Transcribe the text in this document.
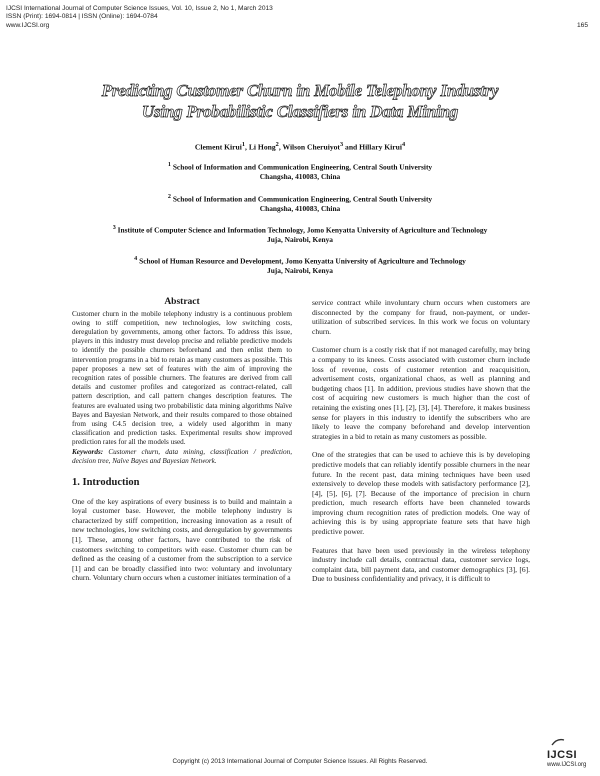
IJCSI International Journal of Computer Science Issues, Vol. 10, Issue 2, No 1, March 2013
ISSN (Print): 1694-0814 | ISSN (Online): 1694-0784
www.IJCSI.org	165
Predicting Customer Churn in Mobile Telephony Industry
Using Probabilistic Classifiers in Data Mining
Clement Kirui$^1$, Li Hong$^2$, Wilson Cheruiyot$^3$ and Hillary Kirui$^4$
$^1$ School of Information and Communication Engineering, Central South University
Changsha, 410083, China
$^2$ School of Information and Communication Engineering, Central South University
Changsha, 410083, China
$^3$ Institute of Computer Science and Information Technology, Jomo Kenyatta University of Agriculture and Technology
Juja, Nairobi, Kenya
$^4$ School of Human Resource and Development, Jomo Kenyatta University of Agriculture and Technology
Juja, Nairobi, Kenya
Abstract
Customer churn in the mobile telephony industry is a continuous problem owing to stiff competition, new technologies, low switching costs, deregulation by governments, among other factors. To address this issue, players in this industry must develop precise and reliable predictive models to identify the possible churners beforehand and then enlist them to intervention programs in a bid to retain as many customers as possible. This paper proposes a new set of features with the aim of improving the recognition rates of possible churners. The features are derived from call details and customer profiles and categorized as contract-related, call pattern description, and call pattern changes description features. The features are evaluated using two probabilistic data mining algorithms Naïve Bayes and Bayesian Network, and their results compared to those obtained from using C4.5 decision tree, a widely used algorithm in many classification and prediction tasks. Experimental results show improved prediction rates for all the models used.
Keywords: Customer churn, data mining, classification / prediction, decision tree, Naïve Bayes and Bayesian Network.
1. Introduction

One of the key aspirations of every business is to build and maintain a loyal customer base. However, the mobile telephony industry is characterized by stiff competition, increasing innovation as a result of new technologies, low switching costs, and deregulation by governments [1]. These, among other factors, have contributed to the risk of customers switching to competitors with ease. Customer churn can be defined as the ceasing of a customer from the subscription to a service [1] and can be broadly classified into two: voluntary and involuntary churn. Voluntary churn occurs when a customer initiates termination of a

service contract while involuntary churn occurs when customers are disconnected by the company for fraud, non-payment, or under-utilization of subscribed services. In this work we focus on voluntary churn.

Customer churn is a costly risk that if not managed carefully, may bring a company to its knees. Costs associated with customer churn include loss of revenue, costs of customer retention and reacquisition, advertisement costs, organizational chaos, as well as planning and budgeting chaos [1]. In addition, previous studies have shown that the cost of acquiring new customers is much higher than the cost of retaining the existing ones [1], [2], [3], [4]. Therefore, it makes business sense for players in this industry to identify the subscribers who are likely to leave the company beforehand and develop intervention strategies in a bid to retain as many customers as possible.

One of the strategies that can be used to achieve this is by developing predictive models that can reliably identify possible churners in the near future. In the recent past, data mining techniques have been used extensively to develop these models with satisfactory performance [2], [4], [5], [6], [7]. Because of the importance of precision in churn prediction, much research efforts have been channeled towards improving churn recognition rates of prediction models. One way of achieving this is by using appropriate feature sets that have high predictive power.

Features that have been used previously in the wireless telephony industry include call details, contractual data, customer service logs, complaint data, bill payment data, and customer demographics [3], [6]. Due to business confidentiality and privacy, it is difficult to

Copyright (c) 2013 International Journal of Computer Science Issues. All Rights Reserved.
IJCSI
www.IJCSI.org
